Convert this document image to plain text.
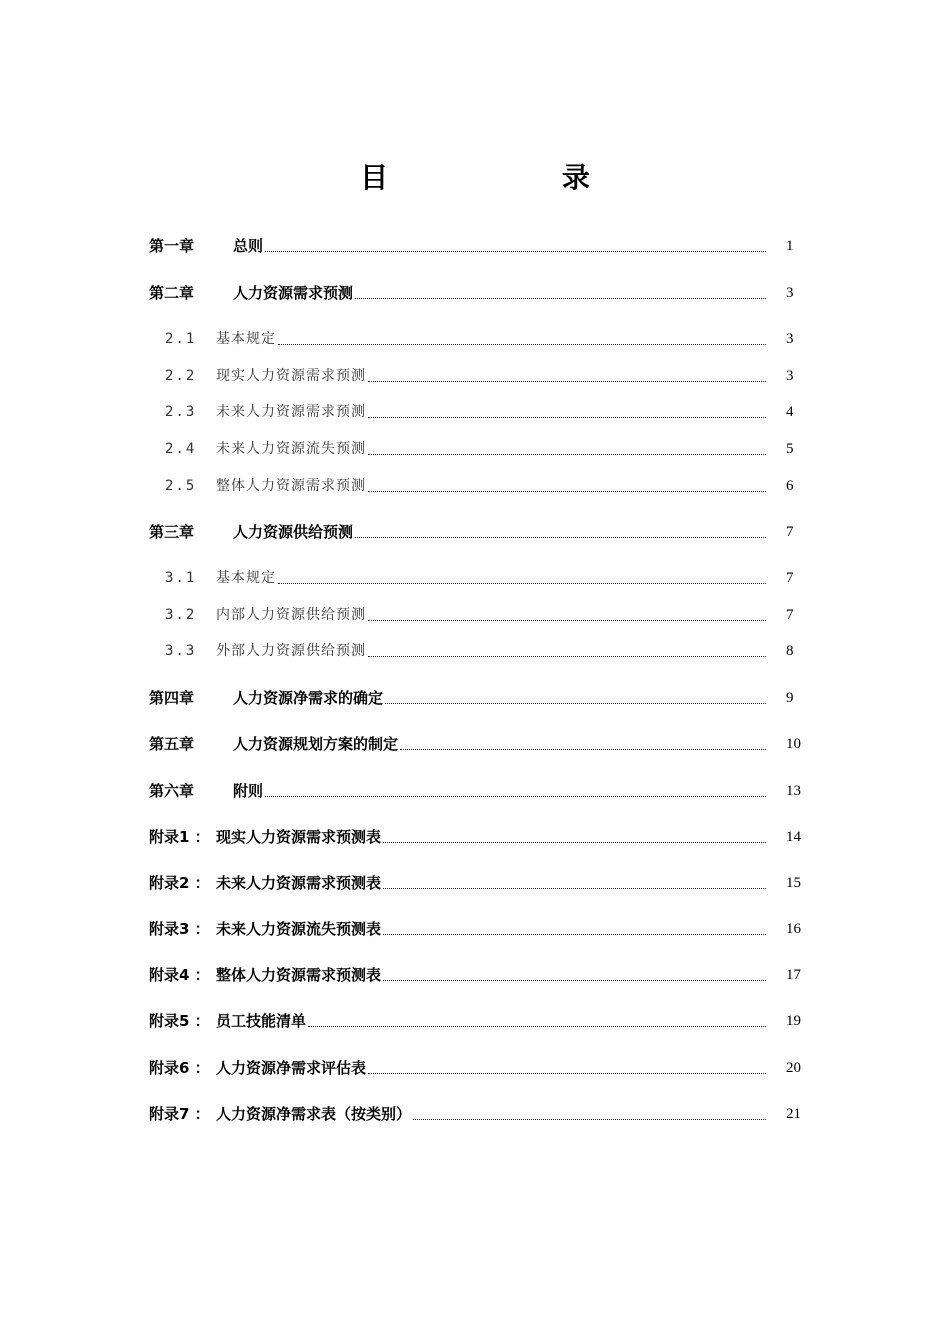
目 录
第一章	总则	1
第二章	人力资源需求预测	3
2.1	基本规定	3
2.2	现实人力资源需求预测	3
2.3	未来人力资源需求预测	4
2.4	未来人力资源流失预测	5
2.5	整体人力资源需求预测	6
第三章	人力资源供给预测	7
3.1	基本规定	7
3.2	内部人力资源供给预测	7
3.3	外部人力资源供给预测	8
第四章	人力资源净需求的确定	9
第五章	人力资源规划方案的制定	10
第六章	附则	13
附录1 ： 现实人力资源需求预测表	14
附录2 ： 未来人力资源需求预测表	15
附录3 ： 未来人力资源流失预测表	16
附录4 ： 整体人力资源需求预测表	17
附录5 ： 员工技能清单	19
附录6 ： 人力资源净需求评估表	20
附录7 ： 人力资源净需求表（按类别）	21
